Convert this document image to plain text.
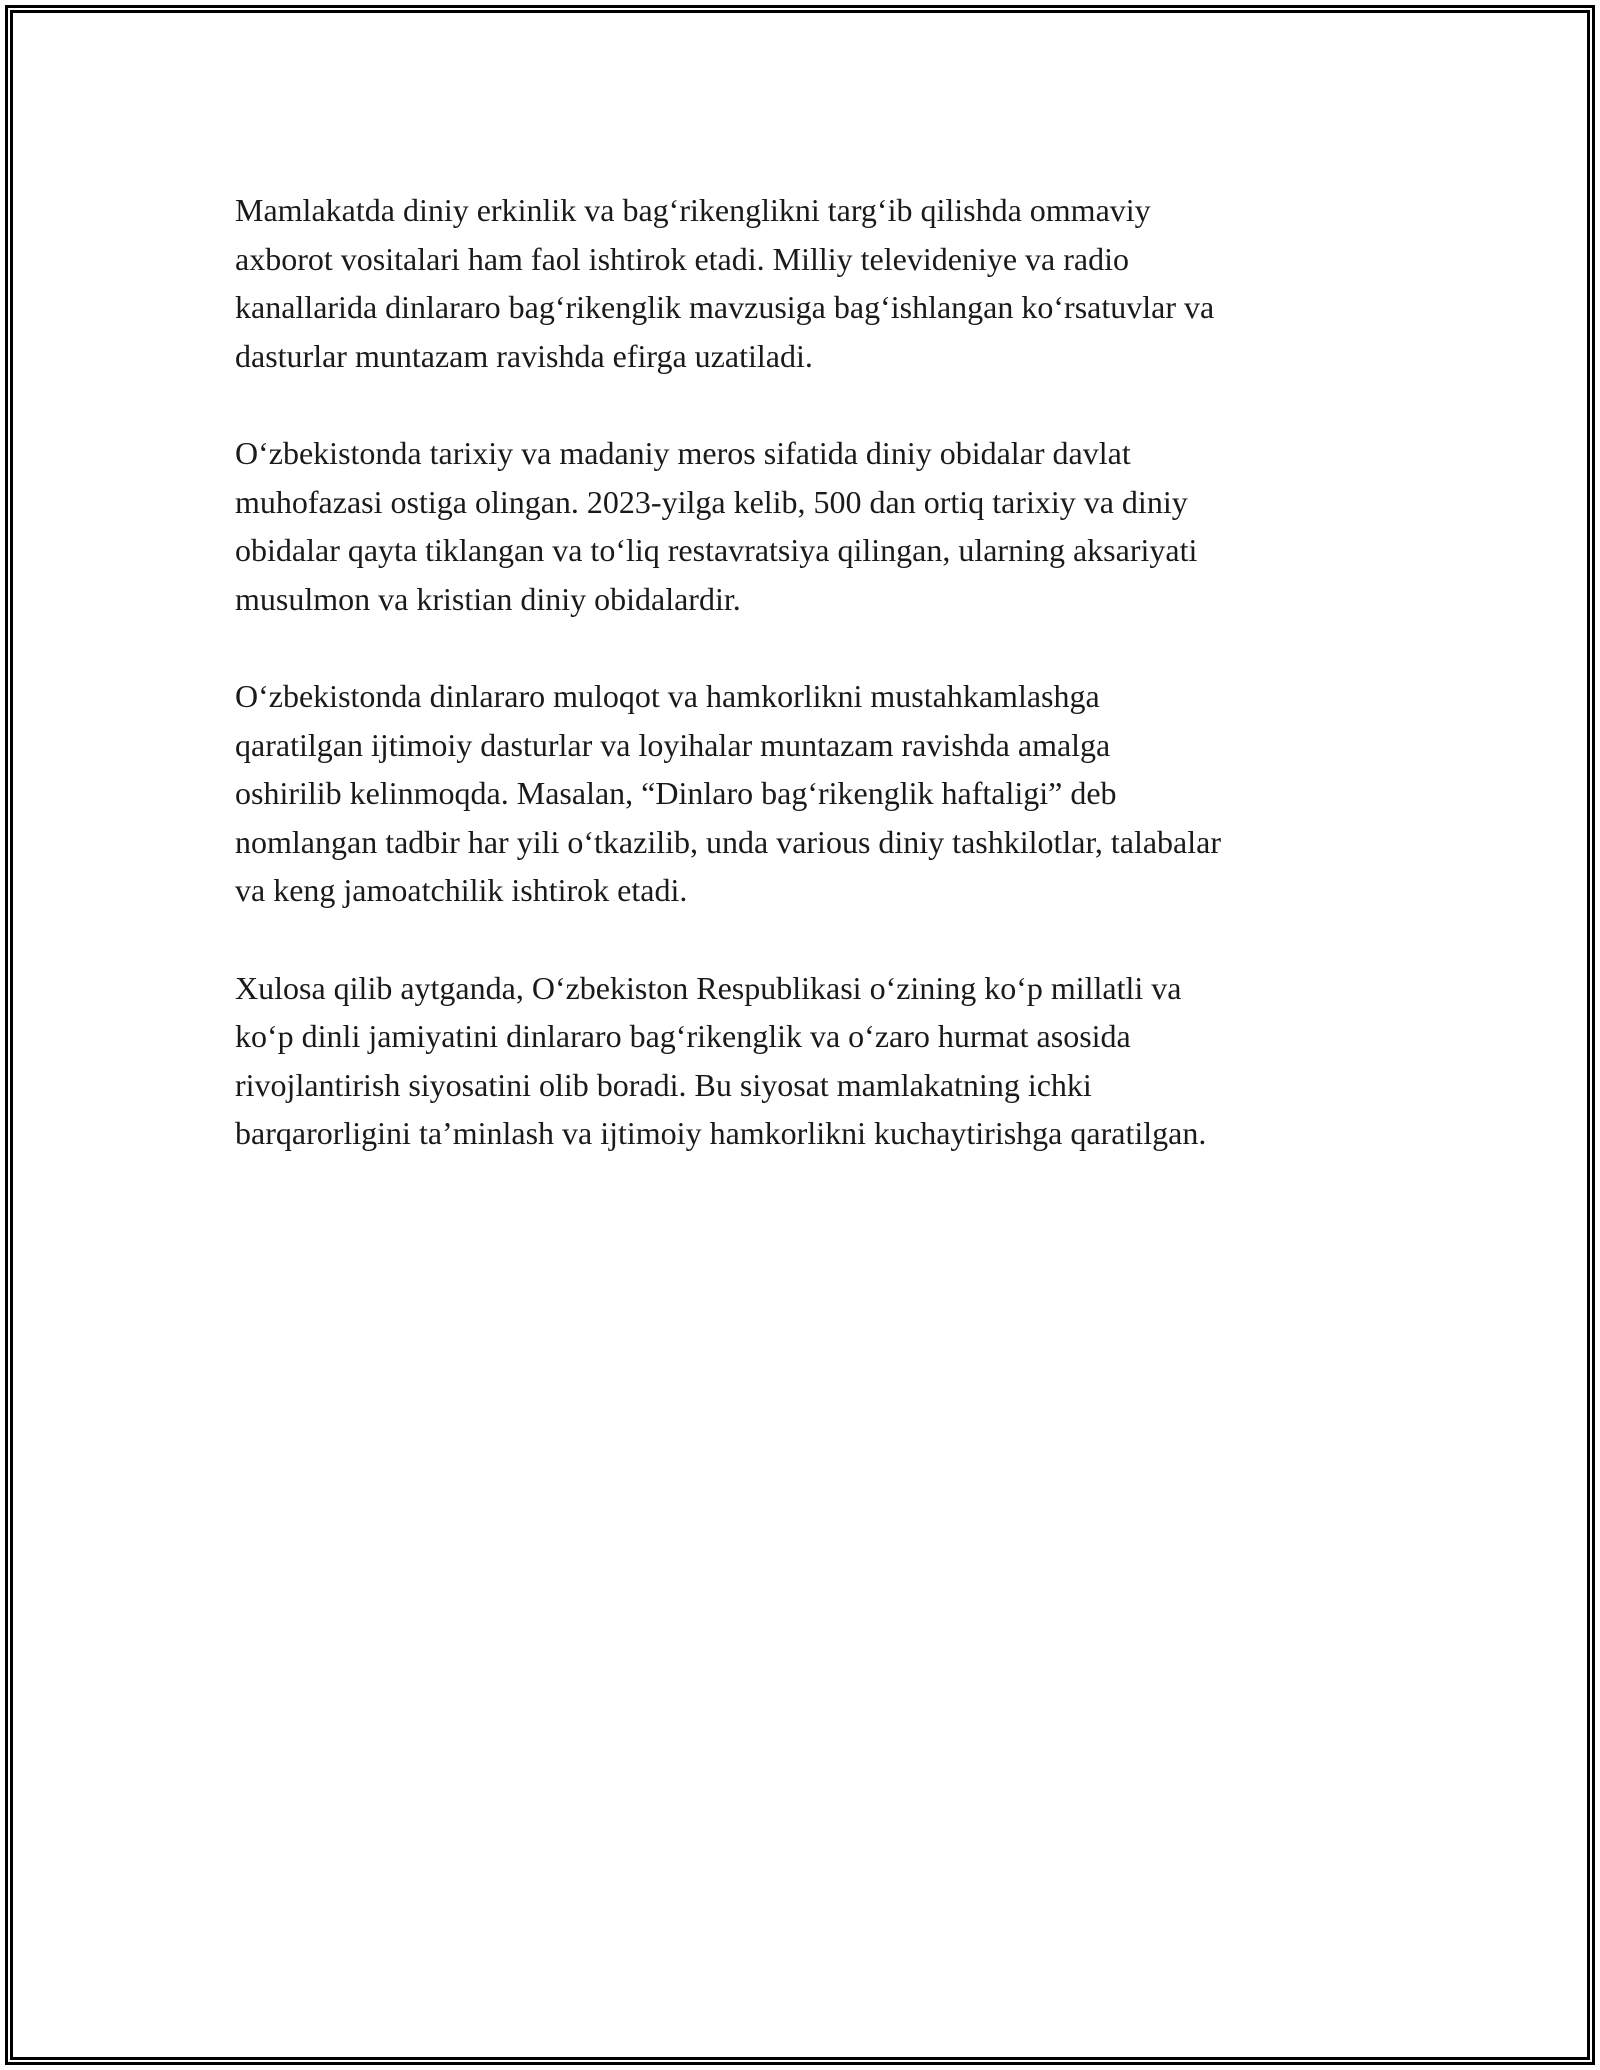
Mamlakatda diniy erkinlik va bag‘rikenglikni targ‘ib qilishda ommaviy
axborot vositalari ham faol ishtirok etadi. Milliy televideniye va radio
kanallarida dinlararo bag‘rikenglik mavzusiga bag‘ishlangan ko‘rsatuvlar va
dasturlar muntazam ravishda efirga uzatiladi.

O‘zbekistonda tarixiy va madaniy meros sifatida diniy obidalar davlat
muhofazasi ostiga olingan. 2023-yilga kelib, 500 dan ortiq tarixiy va diniy
obidalar qayta tiklangan va to‘liq restavratsiya qilingan, ularning aksariyati
musulmon va kristian diniy obidalardir.

O‘zbekistonda dinlararo muloqot va hamkorlikni mustahkamlashga
qaratilgan ijtimoiy dasturlar va loyihalar muntazam ravishda amalga
oshirilib kelinmoqda. Masalan, “Dinlaro bag‘rikenglik haftaligi” deb
nomlangan tadbir har yili o‘tkazilib, unda various diniy tashkilotlar, talabalar
va keng jamoatchilik ishtirok etadi.

Xulosa qilib aytganda, O‘zbekiston Respublikasi o‘zining ko‘p millatli va
ko‘p dinli jamiyatini dinlararo bag‘rikenglik va o‘zaro hurmat asosida
rivojlantirish siyosatini olib boradi. Bu siyosat mamlakatning ichki
barqarorligini ta’minlash va ijtimoiy hamkorlikni kuchaytirishga qaratilgan.
